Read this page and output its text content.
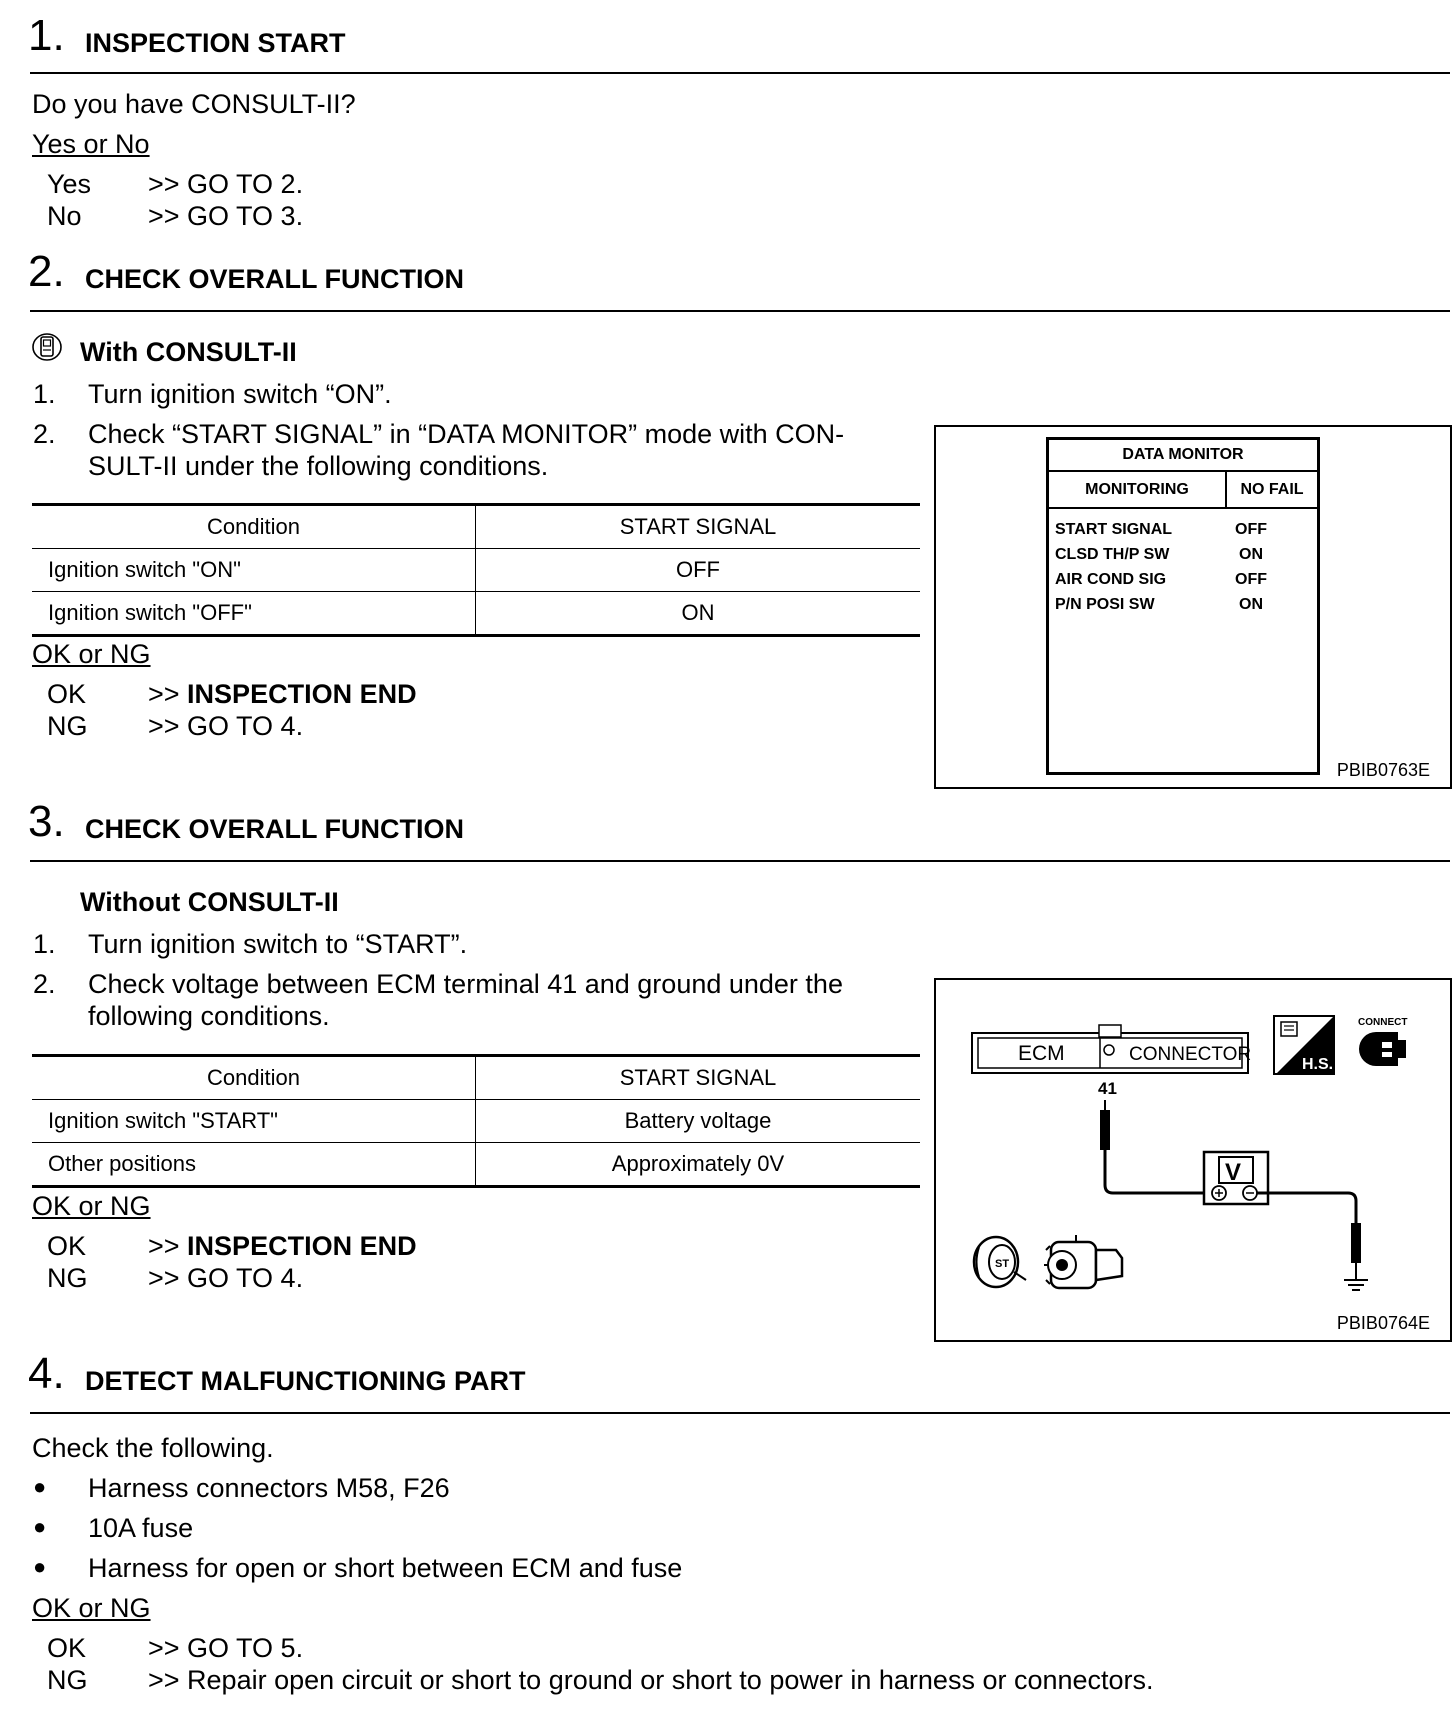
1. INSPECTION START
Do you have CONSULT-II?
Yes or No
Yes >> GO TO 2.
No >> GO TO 3.
2. CHECK OVERALL FUNCTION
With CONSULT-II
1. Turn ignition switch “ON”.
2. Check “START SIGNAL” in “DATA MONITOR” mode with CON-
SULT-II under the following conditions.
Condition	START SIGNAL
Ignition switch "ON"	OFF
Ignition switch "OFF"	ON
OK or NG
OK >> INSPECTION END
NG >> GO TO 4.
DATA MONITOR
MONITORING	NO FAIL
START SIGNAL	OFF
CLSD TH/P SW	ON
AIR COND SIG	OFF
P/N POSI SW	ON
PBIB0763E
3. CHECK OVERALL FUNCTION
Without CONSULT-II
1. Turn ignition switch to “START”.
2. Check voltage between ECM terminal 41 and ground under the
following conditions.
Condition	START SIGNAL
Ignition switch "START"	Battery voltage
Other positions	Approximately 0V
OK or NG
OK >> INSPECTION END
NG >> GO TO 4.
ECM	CONNECTOR
41
H.S.
CONNECT
V
ST
PBIB0764E
4. DETECT MALFUNCTIONING PART
Check the following.
● Harness connectors M58, F26
● 10A fuse
● Harness for open or short between ECM and fuse
OK or NG
OK >> GO TO 5.
NG >> Repair open circuit or short to ground or short to power in harness or connectors.
